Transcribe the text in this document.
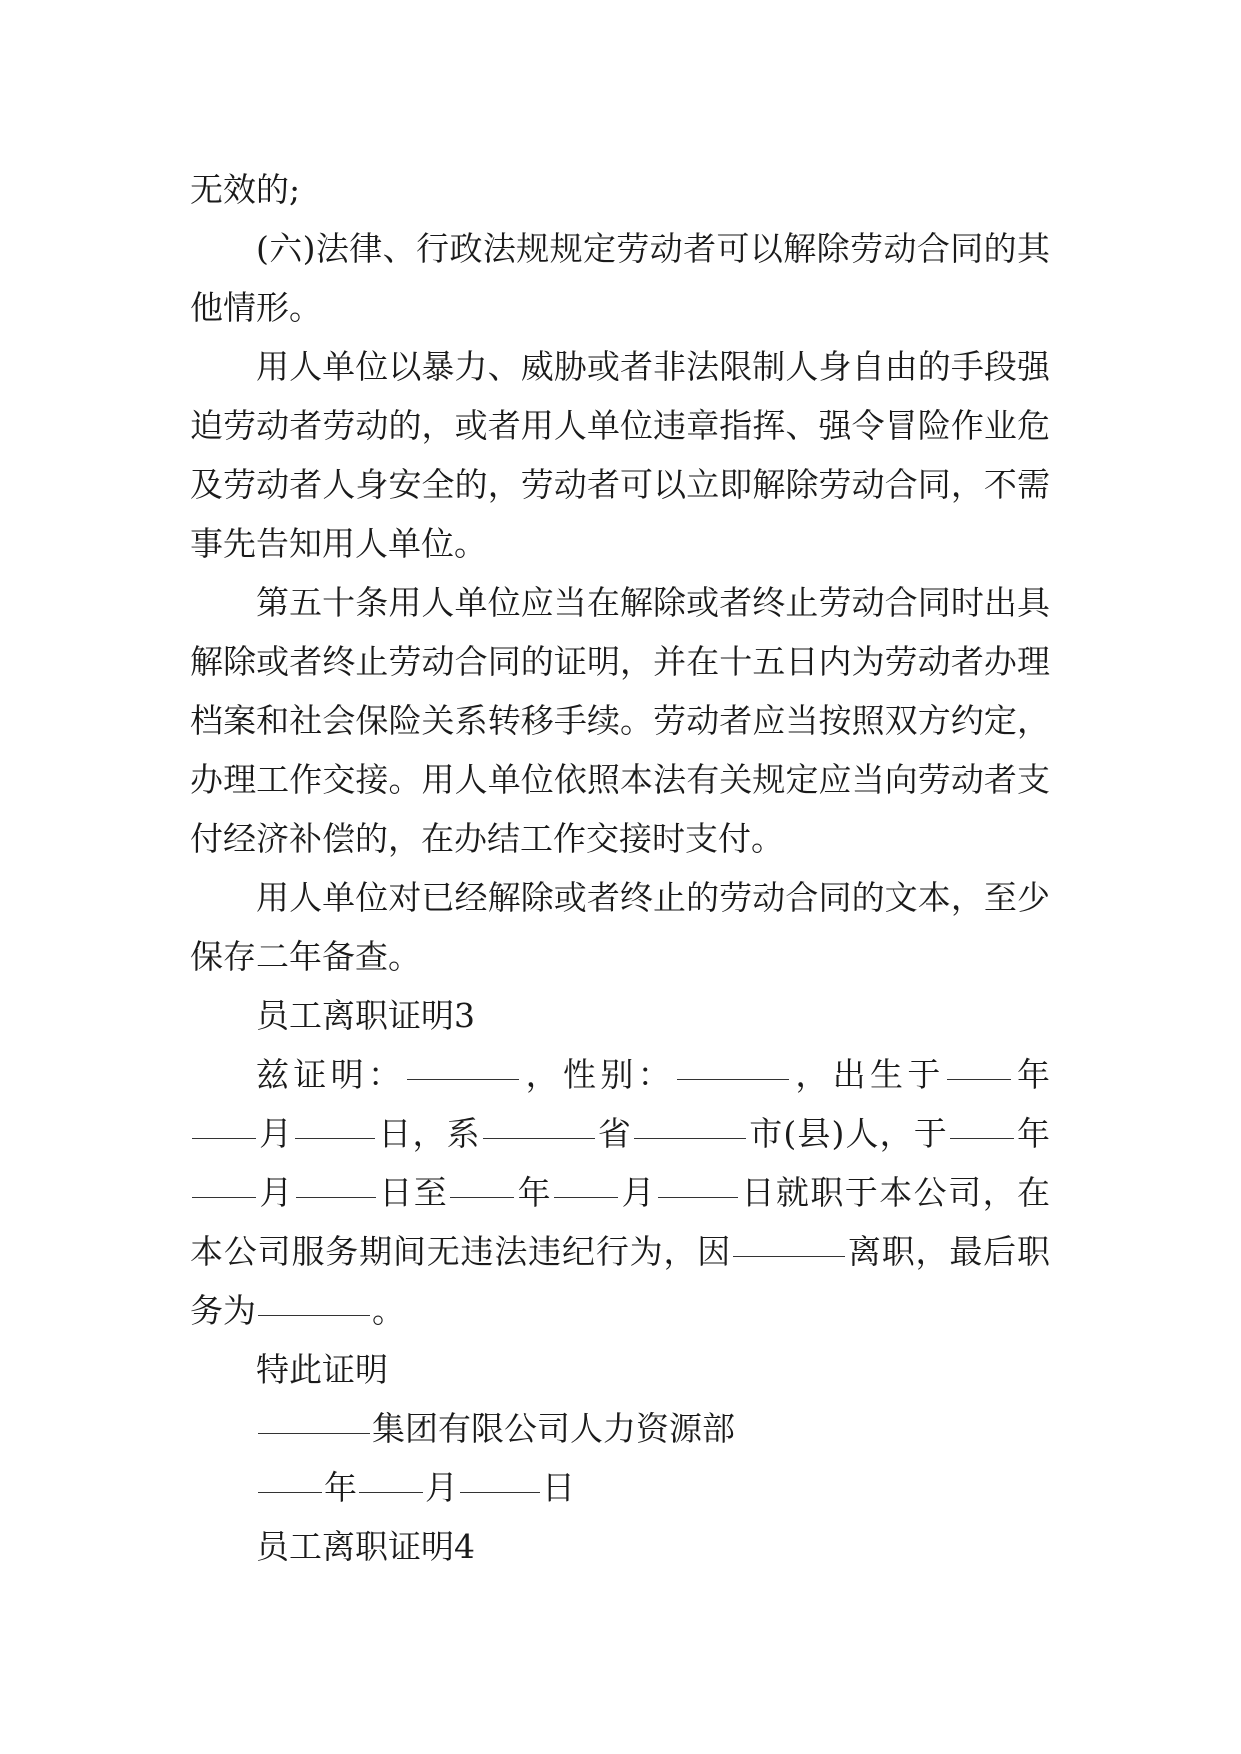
无效的;

(六)法律、行政法规规定劳动者可以解除劳动合同的其他情形。

用人单位以暴力、威胁或者非法限制人身自由的手段强迫劳动者劳动的，或者用人单位违章指挥、强令冒险作业危及劳动者人身安全的，劳动者可以立即解除劳动合同，不需事先告知用人单位。

第五十条用人单位应当在解除或者终止劳动合同时出具解除或者终止劳动合同的证明，并在十五日内为劳动者办理档案和社会保险关系转移手续。劳动者应当按照双方约定，办理工作交接。用人单位依照本法有关规定应当向劳动者支付经济补偿的，在办结工作交接时支付。

用人单位对已经解除或者终止的劳动合同的文本，至少保存二年备查。

员工离职证明3

兹证明：	，性别：	，出生于 年月	日，系	省	市(县)人，于 年月	日至 年 月	日就职于本公司，在本公司服务期间无违法违纪行为，因	离职，最后职务为	。

特此证明

集团有限公司人力资源部

年 月	日

员工离职证明4
